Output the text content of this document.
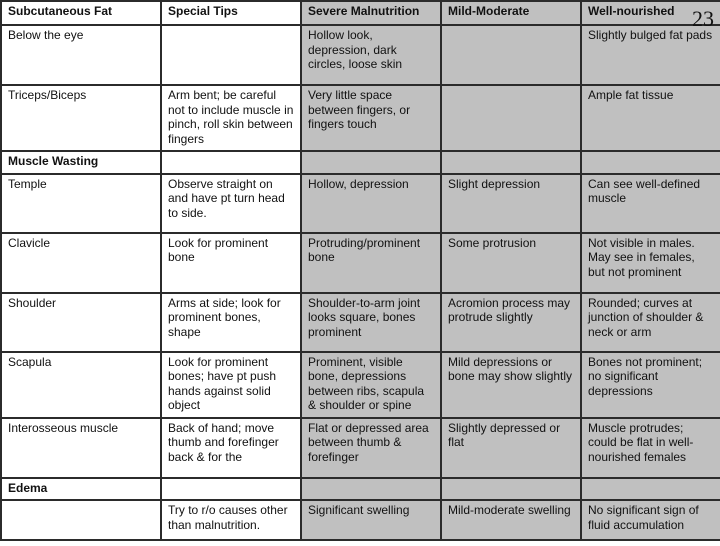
Subcutaneous Fat	Special Tips	Severe Malnutrition	Mild-Moderate	Well-nourished
Below the eye		Hollow look, depression, dark circles, loose skin		Slightly bulged fat pads
Triceps/Biceps	Arm bent; be careful not to include muscle in pinch, roll skin between fingers	Very little space between fingers, or fingers touch		Ample fat tissue
Muscle Wasting				
Temple	Observe straight on and have pt turn head to side.	Hollow, depression	Slight depression	Can see well-defined muscle
Clavicle	Look for prominent bone	Protruding/prominent bone	Some protrusion	Not visible in males. May see in females, but not prominent
Shoulder	Arms at side; look for prominent bones, shape	Shoulder-to-arm joint looks square, bones prominent	Acromion process may protrude slightly	Rounded; curves at junction of shoulder & neck or arm
Scapula	Look for prominent bones; have pt push hands against solid object	Prominent, visible bone, depressions between ribs, scapula & shoulder or spine	Mild depressions or bone may show slightly	Bones not prominent; no significant depressions
Interosseous muscle	Back of hand; move thumb and forefinger back & for the	Flat or depressed area between thumb & forefinger	Slightly depressed or flat	Muscle protrudes; could be flat in well-nourished females
Edema				
	Try to r/o causes other than malnutrition.	Significant swelling	Mild-moderate swelling	No significant sign of fluid accumulation
23
